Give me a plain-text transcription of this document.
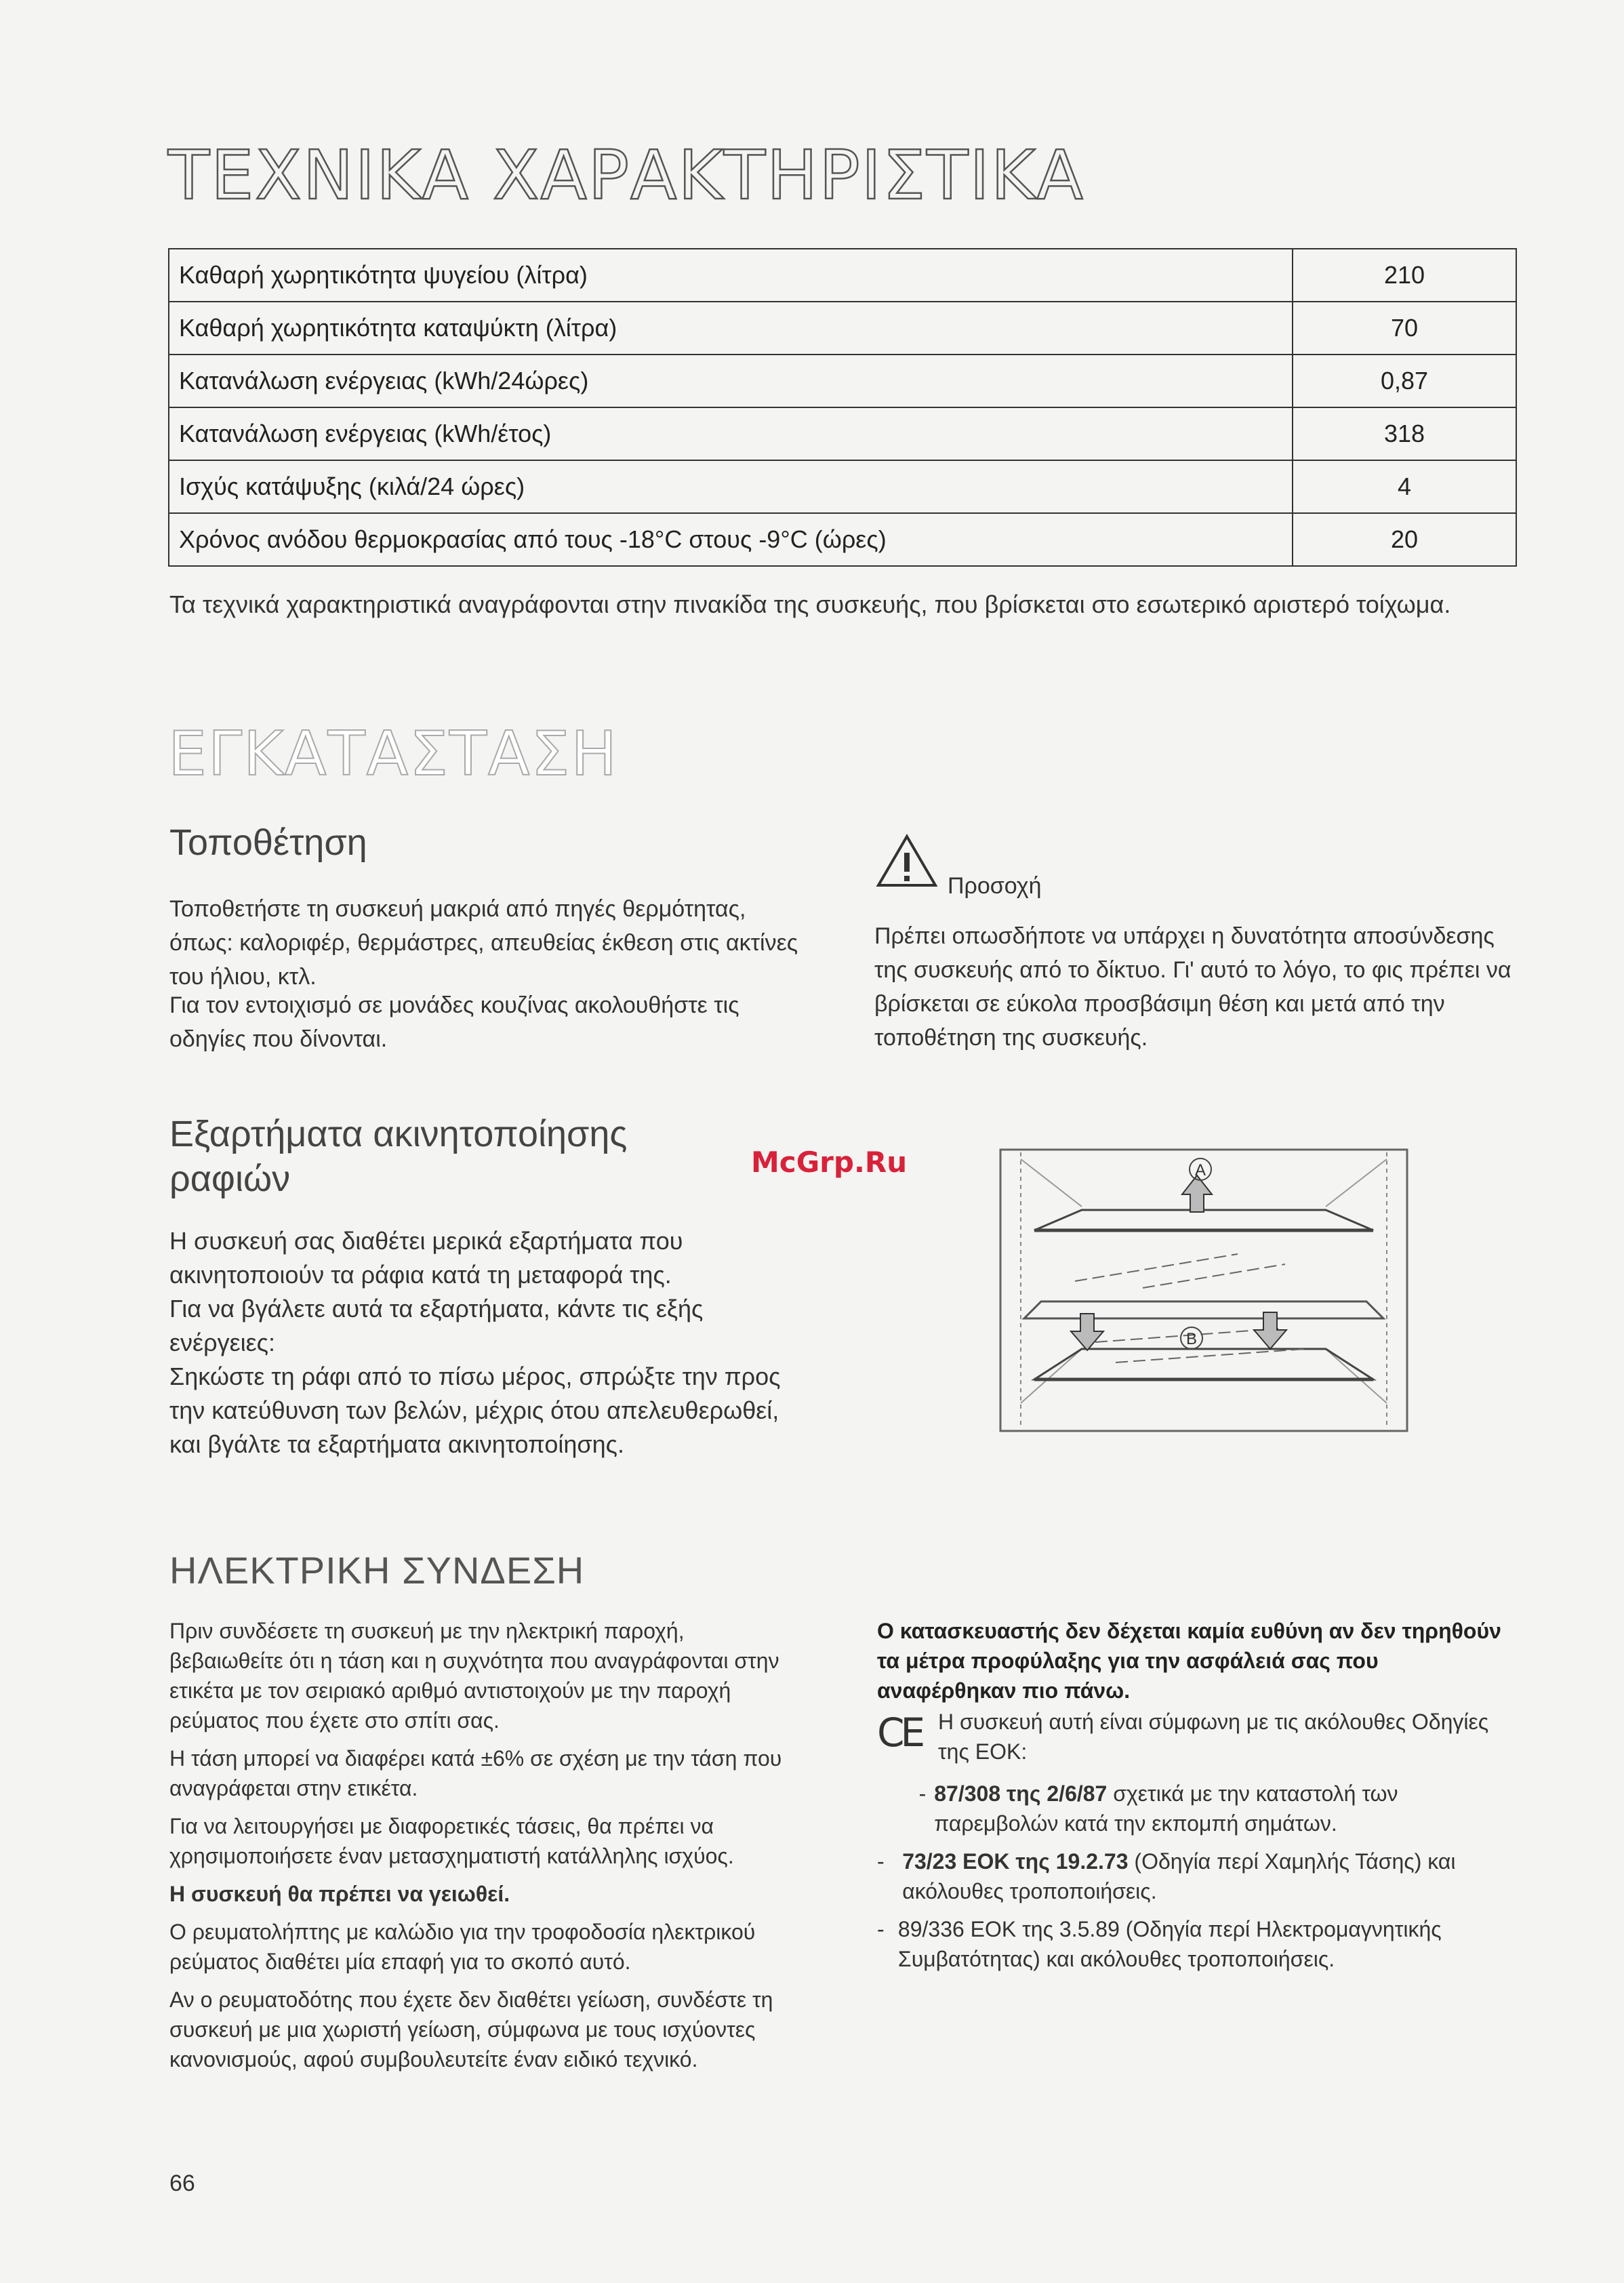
ΤΕΧΝΙΚΑ ΧΑΡΑΚΤΗΡΙΣΤΙΚΑ
Καθαρή χωρητικότητα ψυγείου (λίτρα)	210
Καθαρή χωρητικότητα καταψύκτη (λίτρα)	70
Κατανάλωση ενέργειας (kWh/24ώρες)	0,87
Κατανάλωση ενέργειας (kWh/έτος)	318
Ισχύς κατάψυξης (κιλά/24 ώρες)	4
Χρόνος ανόδου θερμοκρασίας από τους -18°C στους -9°C (ώρες)	20
Τα τεχνικά χαρακτηριστικά αναγράφονται στην πινακίδα της συσκευής, που βρίσκεται στο εσωτερικό αριστερό τοίχωμα.
ΕΓΚΑΤΑΣΤΑΣΗ
Τοποθέτηση
Τοποθετήστε τη συσκευή μακριά από πηγές θερμότητας, όπως: καλοριφέρ, θερμάστρες, απευθείας έκθεση στις ακτίνες του ήλιου, κτλ.
Για τον εντοιχισμό σε μονάδες κουζίνας ακολουθήστε τις οδηγίες που δίνονται.
Προσοχή
Πρέπει οπωσδήποτε να υπάρχει η δυνατότητα αποσύνδεσης της συσκευής από το δίκτυο. Γι' αυτό το λόγο, το φις πρέπει να βρίσκεται σε εύκολα προσβάσιμη θέση και μετά από την τοποθέτηση της συσκευής.
Εξαρτήματα ακινητοποίησης
ραφιών	McGrp.Ru
Η συσκευή σας διαθέτει μερικά εξαρτήματα που ακινητοποιούν τα ράφια κατά τη μεταφορά της.
Για να βγάλετε αυτά τα εξαρτήματα, κάντε τις εξής ενέργειες:
Σηκώστε τη ράφι από το πίσω μέρος, σπρώξτε την προς την κατεύθυνση των βελών, μέχρις ότου απελευθερωθεί, και βγάλτε τα εξαρτήματα ακινητοποίησης.
A
B
ΗΛΕΚΤΡΙΚΗ ΣΥΝΔΕΣΗ
Πριν συνδέσετε τη συσκευή με την ηλεκτρική παροχή, βεβαιωθείτε ότι η τάση και η συχνότητα που αναγράφονται στην ετικέτα με τον σειριακό αριθμό αντιστοιχούν με την παροχή ρεύματος που έχετε στο σπίτι σας.
Η τάση μπορεί να διαφέρει κατά ±6% σε σχέση με την τάση που αναγράφεται στην ετικέτα.
Για να λειτουργήσει με διαφορετικές τάσεις, θα πρέπει να χρησιμοποιήσετε έναν μετασχηματιστή κατάλληλης ισχύος.
Η συσκευή θα πρέπει να γειωθεί.
Ο ρευματολήπτης με καλώδιο για την τροφοδοσία ηλεκτρικού ρεύματος διαθέτει μία επαφή για το σκοπό αυτό.
Αν ο ρευματοδότης που έχετε δεν διαθέτει γείωση, συνδέστε τη συσκευή με μια χωριστή γείωση, σύμφωνα με τους ισχύοντες κανονισμούς, αφού συμβουλευτείτε έναν ειδικό τεχνικό.
Ο κατασκευαστής δεν δέχεται καμία ευθύνη αν δεν τηρηθούν τα μέτρα προφύλαξης για την ασφάλειά σας που αναφέρθηκαν πιο πάνω.
CE Η συσκευή αυτή είναι σύμφωνη με τις ακόλουθες Οδηγίες της ΕΟΚ:
- 87/308 της 2/6/87 σχετικά με την καταστολή των παρεμβολών κατά την εκπομπή σημάτων.
- 73/23 ΕΟΚ της 19.2.73 (Οδηγία περί Χαμηλής Τάσης) και ακόλουθες τροποποιήσεις.
- 89/336 ΕΟΚ της 3.5.89 (Οδηγία περί Ηλεκτρομαγνητικής Συμβατότητας) και ακόλουθες τροποποιήσεις.
66
